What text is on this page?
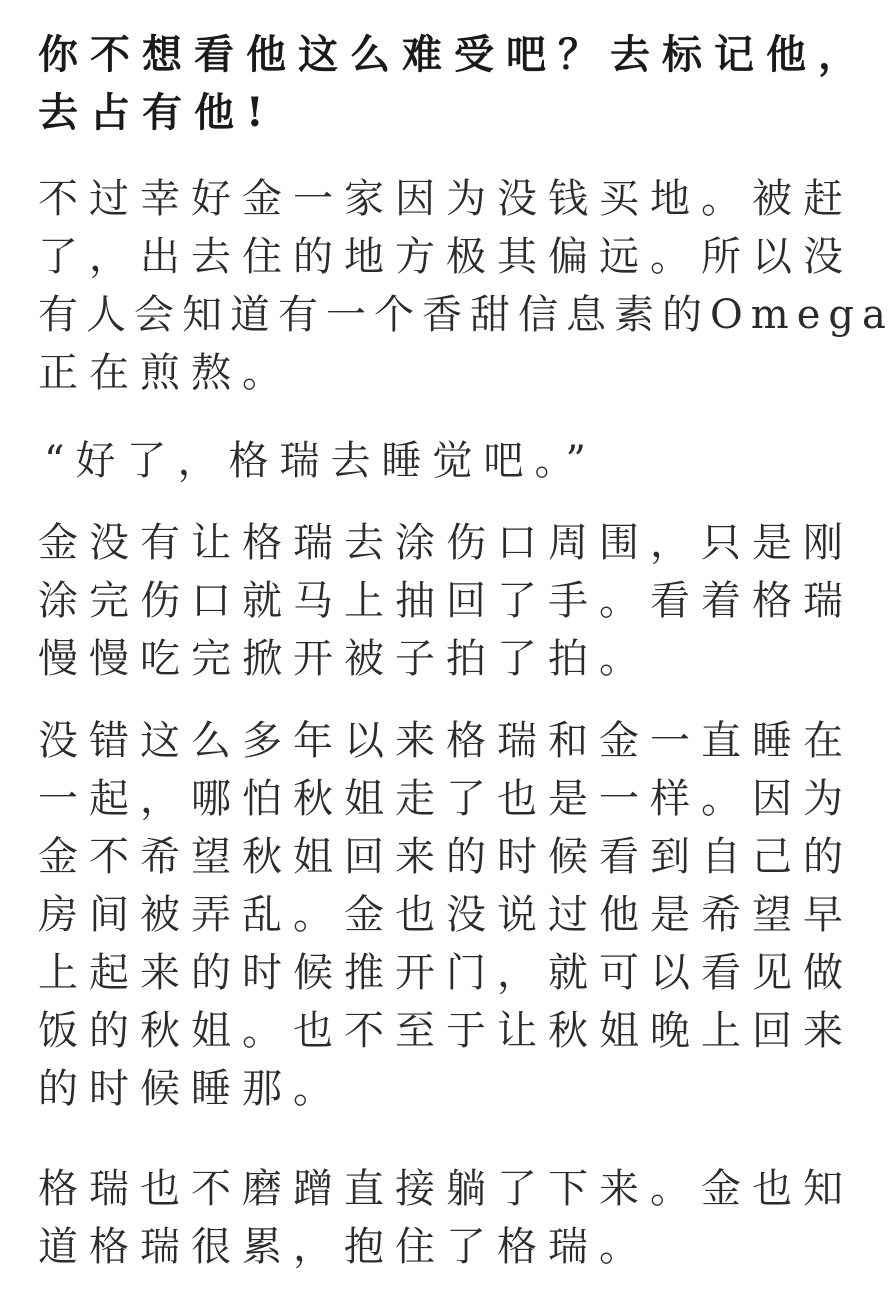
你不想看他这么难受吧？去标记他，
去占有他!

不过幸好金一家因为没钱买地。被赶
了，出去住的地方极其偏远。所以没
有人会知道有一个香甜信息素的Omega
正在煎熬。

“好了，格瑞去睡觉吧。”

金没有让格瑞去涂伤口周围，只是刚
涂完伤口就马上抽回了手。看着格瑞
慢慢吃完掀开被子拍了拍。

没错这么多年以来格瑞和金一直睡在
一起，哪怕秋姐走了也是一样。因为
金不希望秋姐回来的时候看到自己的
房间被弄乱。金也没说过他是希望早
上起来的时候推开门，就可以看见做
饭的秋姐。也不至于让秋姐晚上回来
的时候睡那。

格瑞也不磨蹭直接躺了下来。金也知
道格瑞很累，抱住了格瑞。
